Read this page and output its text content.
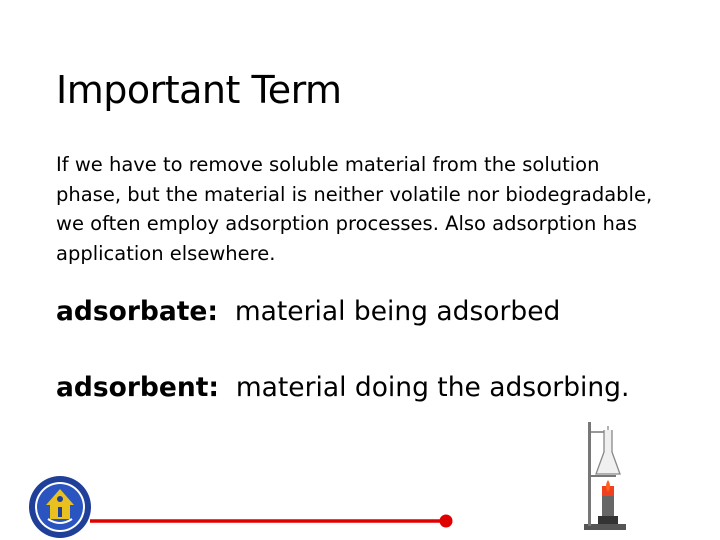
Important Term
If we have to remove soluble material from the solution phase, but the material is neither volatile nor biodegradable, we often employ adsorption processes. Also adsorption has application elsewhere.
adsorbate: material being adsorbed
adsorbent: material doing the adsorbing.
